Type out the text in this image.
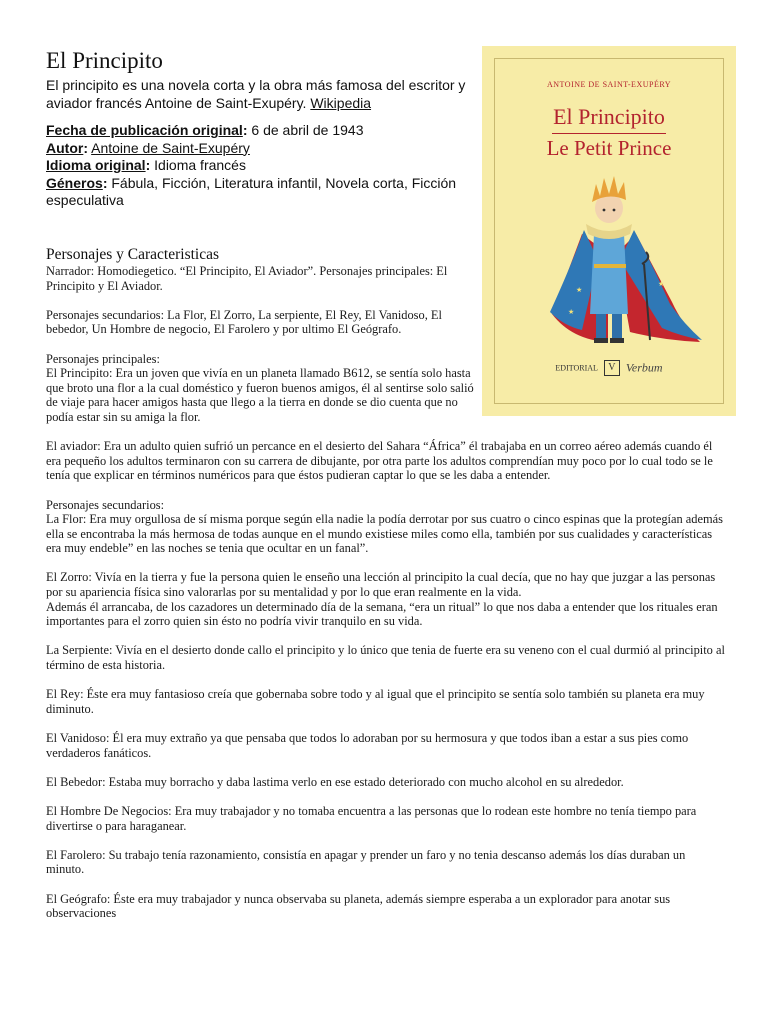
El Principito
El principito es una novela corta y la obra más famosa del escritor y aviador francés Antoine de Saint-Exupéry. Wikipedia
Fecha de publicación original: 6 de abril de 1943
Autor: Antoine de Saint-Exupéry
Idioma original: Idioma francés
Géneros: Fábula, Ficción, Literatura infantil, Novela corta, Ficción especulativa
ANTOINE DE SAINT-EXUPÉRY
El Principito
Le Petit Prince
★
★
★
EDITORIAL V Verbum
Personajes y Caracteristicas

Narrador: Homodiegetico. “El Principito, El Aviador”. Personajes principales: El Principito y El Aviador.

Personajes secundarios: La Flor, El Zorro, La serpiente, El Rey, El Vanidoso, El bebedor, Un Hombre de negocio, El Farolero y por ultimo El Geógrafo.

Personajes principales:
El Principito: Era un joven que vivía en un planeta llamado B612, se sentía solo hasta que broto una flor a la cual doméstico y fueron buenos amigos, él al sentirse solo salió de viaje para hacer amigos hasta que llego a la tierra en donde se dio cuenta que no podía estar sin su amiga la flor.

El aviador: Era un adulto quien sufrió un percance en el desierto del Sahara “África” él trabajaba en un correo aéreo además cuando él era pequeño los adultos terminaron con su carrera de dibujante, por otra parte los adultos comprendían muy poco por lo cual todo se le tenía que explicar en términos numéricos para que éstos pudieran captar lo que se les daba a entender.

Personajes secundarios:
La Flor: Era muy orgullosa de sí misma porque según ella nadie la podía derrotar por sus cuatro o cinco espinas que la protegían además ella se encontraba la más hermosa de todas aunque en el mundo existiese miles como ella, también por sus cualidades y características era muy endeble” en las noches se tenia que ocultar en un fanal”.

El Zorro: Vivía en la tierra y fue la persona quien le enseño una lección al principito la cual decía, que no hay que juzgar a las personas por su apariencia física sino valorarlas por su mentalidad y por lo que eran realmente en la vida.
Además él arrancaba, de los cazadores un determinado día de la semana, “era un ritual” lo que nos daba a entender que los rituales eran importantes para el zorro quien sin ésto no podría vivir tranquilo en su vida.

La Serpiente: Vivía en el desierto donde callo el principito y lo único que tenia de fuerte era su veneno con el cual durmió al principito al término de esta historia.

El Rey: Éste era muy fantasioso creía que gobernaba sobre todo y al igual que el principito se sentía solo también su planeta era muy diminuto.

El Vanidoso: Él era muy extraño ya que pensaba que todos lo adoraban por su hermosura y que todos iban a estar a sus pies como verdaderos fanáticos.

El Bebedor: Estaba muy borracho y daba lastima verlo en ese estado deteriorado con mucho alcohol en su alrededor.

El Hombre De Negocios: Era muy trabajador y no tomaba encuentra a las personas que lo rodean este hombre no tenía tiempo para divertirse o para haraganear.

El Farolero: Su trabajo tenía razonamiento, consistía en apagar y prender un faro y no tenia descanso además los días duraban un minuto.

El Geógrafo: Éste era muy trabajador y nunca observaba su planeta, además siempre esperaba a un explorador para anotar sus observaciones
